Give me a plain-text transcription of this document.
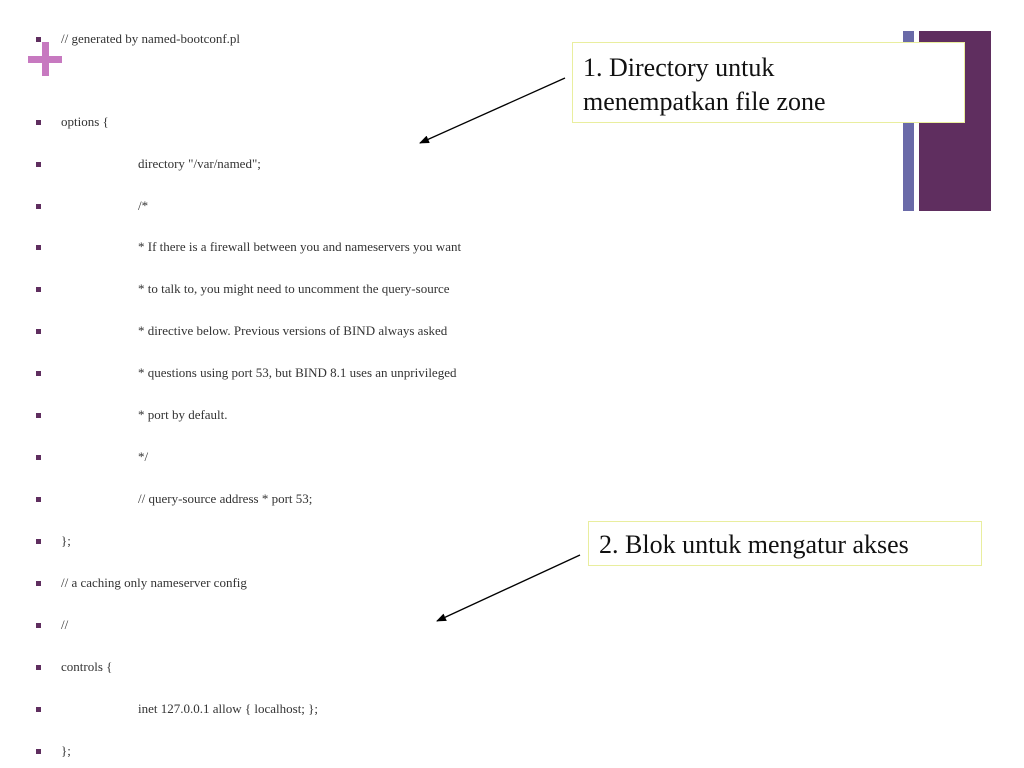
// generated by named-bootconf.pl
options {
directory "/var/named";
/*
* If there is a firewall between you and nameservers you want
* to talk to, you might need to uncomment the query-source
* directive below. Previous versions of BIND always asked
* questions using port 53, but BIND 8.1 uses an unprivileged
* port by default.
*/
// query-source address * port 53;
};
// a caching only nameserver config
//
controls {
inet 127.0.0.1 allow { localhost; };
};
1. Directory untuk
menempatkan file zone
2. Blok untuk mengatur akses
